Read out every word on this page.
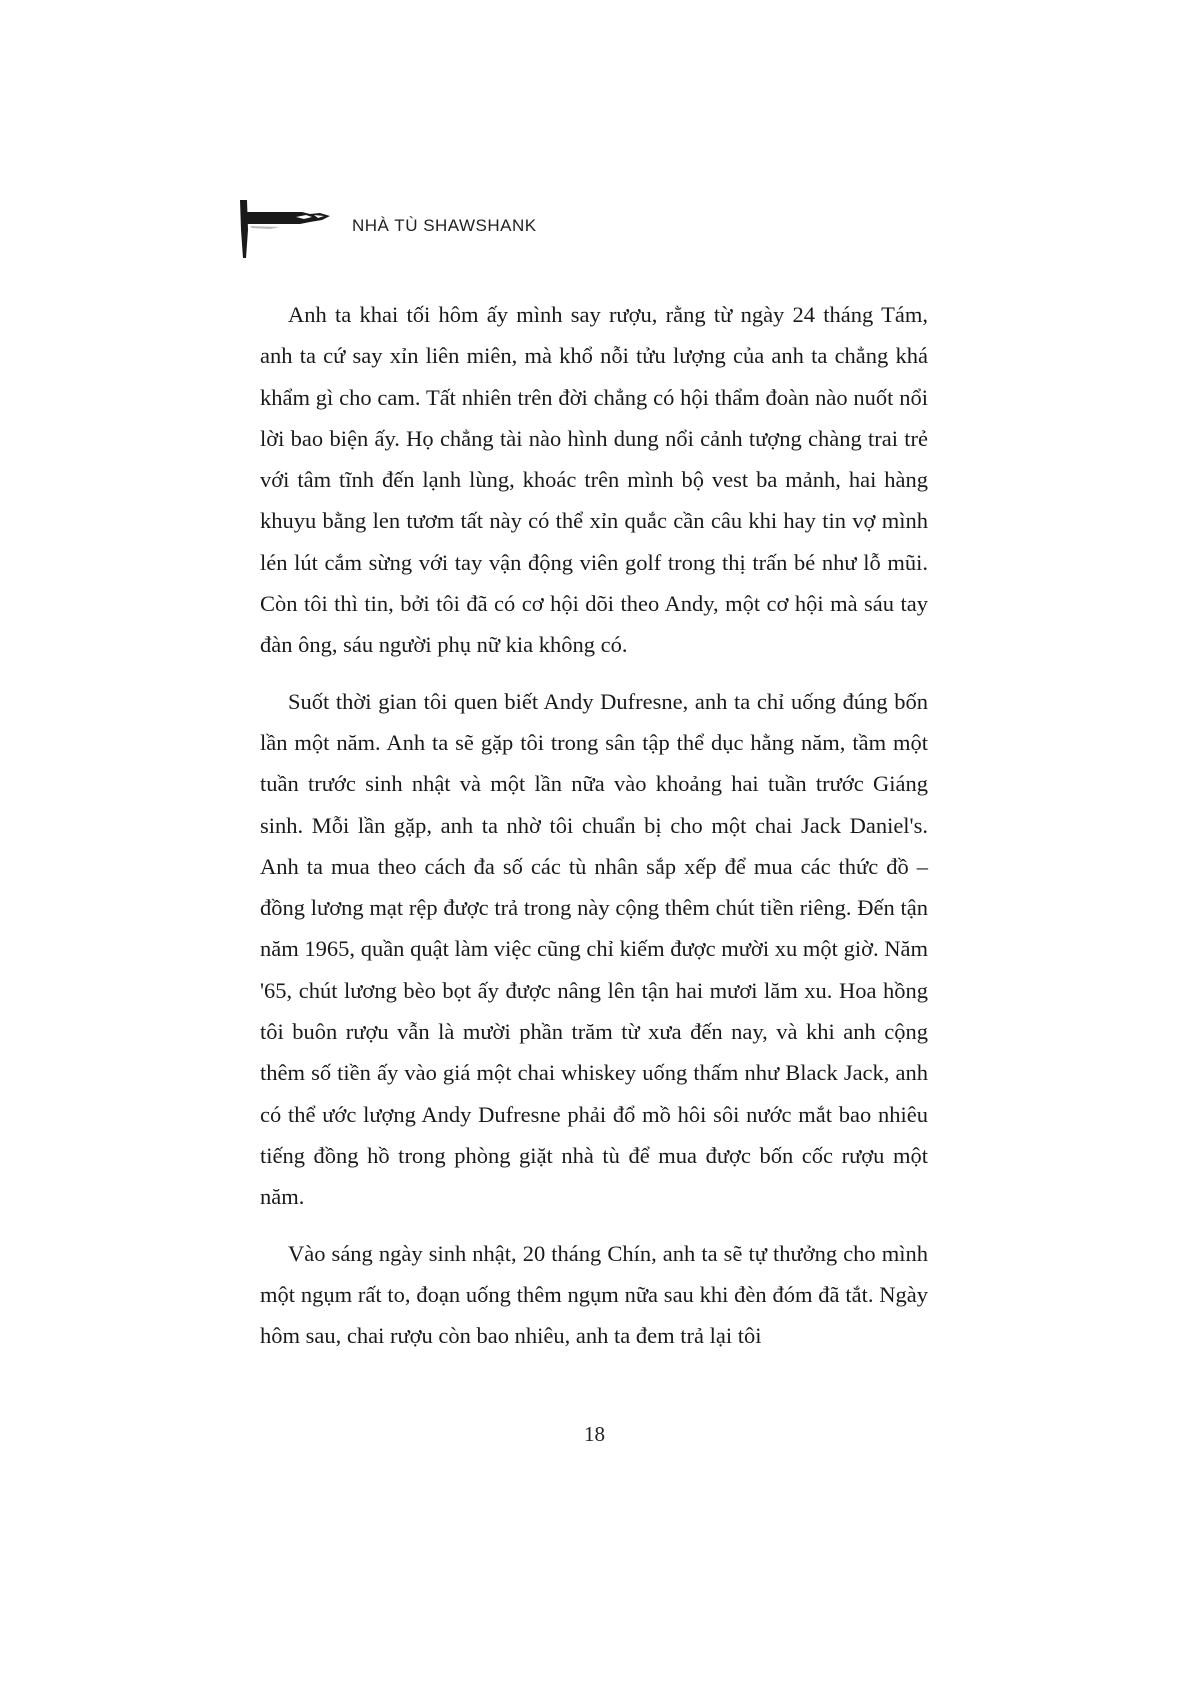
NHÀ TÙ SHAWSHANK

Anh ta khai tối hôm ấy mình say rượu, rằng từ ngày 24 tháng Tám, anh ta cứ say xỉn liên miên, mà khổ nỗi tửu lượng của anh ta chẳng khá khẩm gì cho cam. Tất nhiên trên đời chẳng có hội thẩm đoàn nào nuốt nổi lời bao biện ấy. Họ chẳng tài nào hình dung nổi cảnh tượng chàng trai trẻ với tâm tĩnh đến lạnh lùng, khoác trên mình bộ vest ba mảnh, hai hàng khuyu bằng len tươm tất này có thể xỉn quắc cần câu khi hay tin vợ mình lén lút cắm sừng với tay vận động viên golf trong thị trấn bé như lỗ mũi. Còn tôi thì tin, bởi tôi đã có cơ hội dõi theo Andy, một cơ hội mà sáu tay đàn ông, sáu người phụ nữ kia không có.

Suốt thời gian tôi quen biết Andy Dufresne, anh ta chỉ uống đúng bốn lần một năm. Anh ta sẽ gặp tôi trong sân tập thể dục hằng năm, tầm một tuần trước sinh nhật và một lần nữa vào khoảng hai tuần trước Giáng sinh. Mỗi lần gặp, anh ta nhờ tôi chuẩn bị cho một chai Jack Daniel's. Anh ta mua theo cách đa số các tù nhân sắp xếp để mua các thức đồ – đồng lương mạt rệp được trả trong này cộng thêm chút tiền riêng. Đến tận năm 1965, quần quật làm việc cũng chỉ kiếm được mười xu một giờ. Năm '65, chút lương bèo bọt ấy được nâng lên tận hai mươi lăm xu. Hoa hồng tôi buôn rượu vẫn là mười phần trăm từ xưa đến nay, và khi anh cộng thêm số tiền ấy vào giá một chai whiskey uống thấm như Black Jack, anh có thể ước lượng Andy Dufresne phải đổ mồ hôi sôi nước mắt bao nhiêu tiếng đồng hồ trong phòng giặt nhà tù để mua được bốn cốc rượu một năm.

Vào sáng ngày sinh nhật, 20 tháng Chín, anh ta sẽ tự thưởng cho mình một ngụm rất to, đoạn uống thêm ngụm nữa sau khi đèn đóm đã tắt. Ngày hôm sau, chai rượu còn bao nhiêu, anh ta đem trả lại tôi

18
